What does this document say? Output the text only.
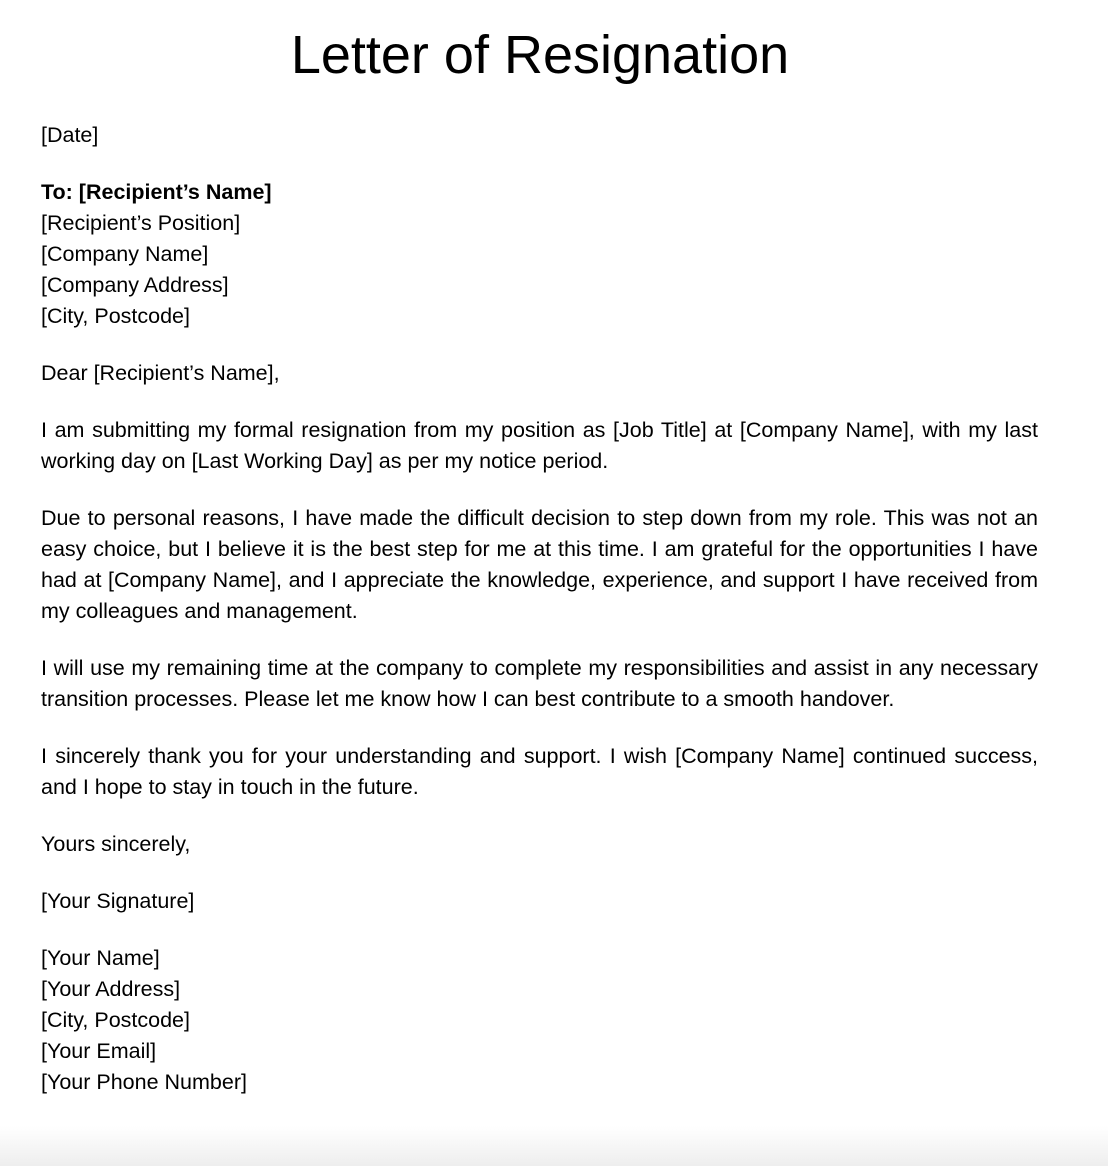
Letter of Resignation
[Date]
To: [Recipient’s Name]
[Recipient’s Position]
[Company Name]
[Company Address]
[City, Postcode]
Dear [Recipient’s Name],

I am submitting my formal resignation from my position as [Job Title] at [Company Name], with my last working day on [Last Working Day] as per my notice period.

Due to personal reasons, I have made the difficult decision to step down from my role. This was not an easy choice, but I believe it is the best step for me at this time. I am grateful for the opportunities I have had at [Company Name], and I appreciate the knowledge, experience, and support I have received from my colleagues and management.

I will use my remaining time at the company to complete my responsibilities and assist in any necessary transition processes. Please let me know how I can best contribute to a smooth handover.

I sincerely thank you for your understanding and support. I wish [Company Name] continued success, and I hope to stay in touch in the future.

Yours sincerely,
[Your Signature]
[Your Name]
[Your Address]
[City, Postcode]
[Your Email]
[Your Phone Number]
